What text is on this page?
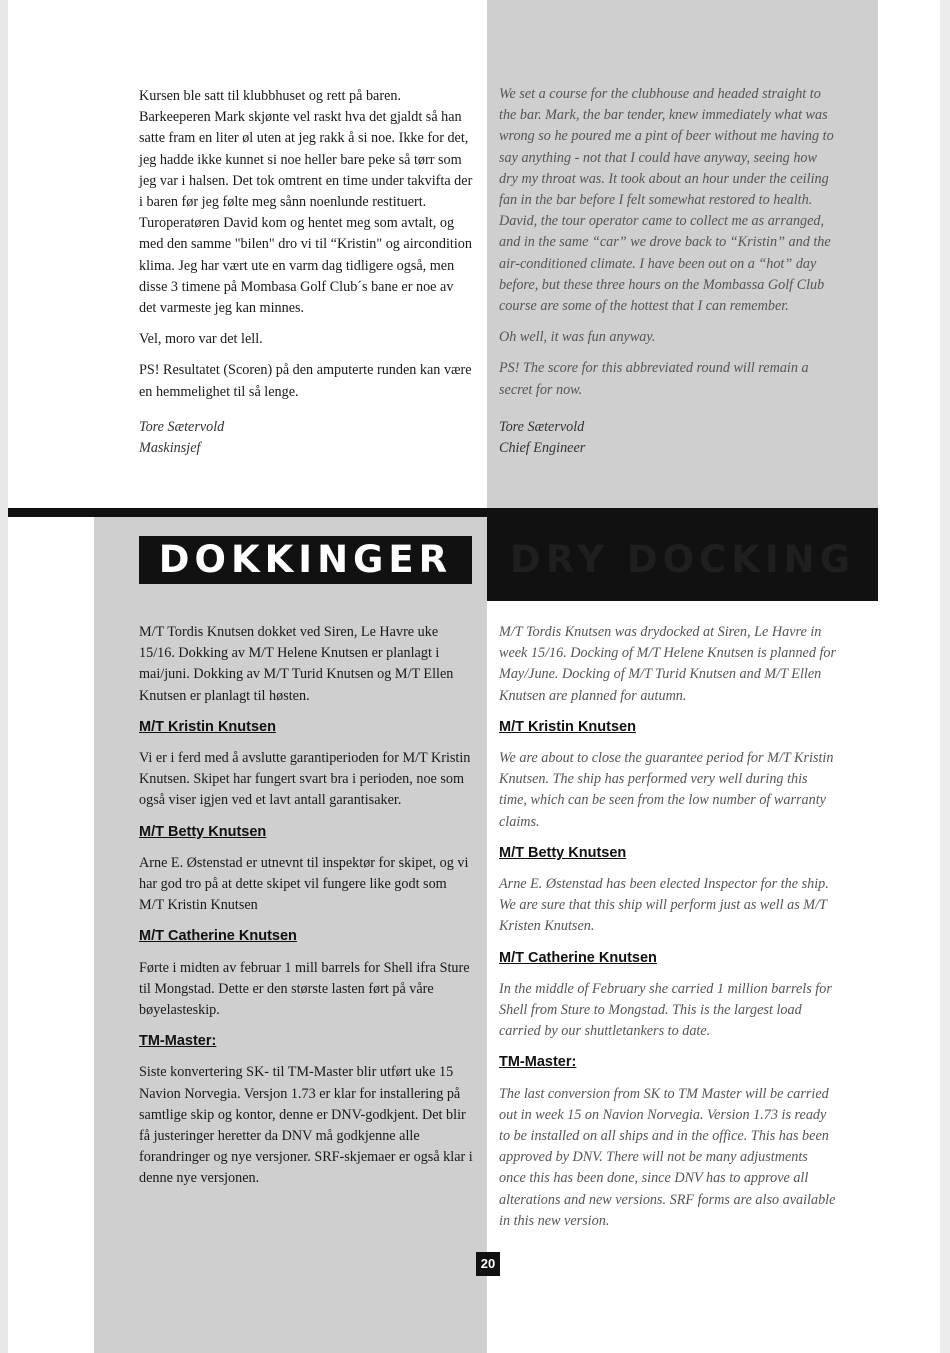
Kursen ble satt til klubbhuset og rett på baren. Barkeeperen Mark skjønte vel raskt hva det gjaldt så han satte fram en liter øl uten at jeg rakk å si noe. Ikke for det, jeg hadde ikke kunnet si noe heller bare peke så tørr som jeg var i halsen. Det tok omtrent en time under takvifta der i baren før jeg følte meg sånn noenlunde restituert. Turoperatøren David kom og hentet meg som avtalt, og med den samme "bilen" dro vi til “Kristin" og aircondition klima. Jeg har vært ute en varm dag tidligere også, men disse 3 timene på Mombasa Golf Club´s bane er noe av det varmeste jeg kan minnes.

Vel, moro var det lell.

PS! Resultatet (Scoren) på den amputerte runden kan være en hemmelighet til så lenge.

Tore Sætervold
Maskinsjef

We set a course for the clubhouse and headed straight to the bar. Mark, the bar tender, knew immediately what was wrong so he poured me a pint of beer without me having to say anything - not that I could have anyway, seeing how dry my throat was. It took about an hour under the ceiling fan in the bar before I felt somewhat restored to health. David, the tour operator came to collect me as arranged, and in the same “car” we drove back to “Kristin” and the air-conditioned climate. I have been out on a “hot” day before, but these three hours on the Mombassa Golf Club course are some of the hottest that I can remember.

Oh well, it was fun anyway.

PS! The score for this abbreviated round will remain a secret for now.

Tore Sætervold
Chief Engineer
DOKKINGER	DRY DOCKING

M/T Tordis Knutsen dokket ved Siren, Le Havre uke 15/16. Dokking av M/T Helene Knutsen er planlagt i mai/juni. Dokking av M/T Turid Knutsen og M/T Ellen Knutsen er planlagt til høsten.

M/T Kristin Knutsen

Vi er i ferd med å avslutte garantiperioden for M/T Kristin Knutsen. Skipet har fungert svart bra i perioden, noe som også viser igjen ved et lavt antall garantisaker.

M/T Betty Knutsen

Arne E. Østenstad er utnevnt til inspektør for skipet, og vi har god tro på at dette skipet vil fungere like godt som M/T Kristin Knutsen

M/T Catherine Knutsen

Førte i midten av februar 1 mill barrels for Shell ifra Sture til Mongstad. Dette er den største lasten ført på våre bøyelasteskip.

TM-Master:

Siste konvertering SK- til TM-Master blir utført uke 15 Navion Norvegia. Versjon 1.73 er klar for installering på samtlige skip og kontor, denne er DNV-godkjent. Det blir få justeringer heretter da DNV må godkjenne alle forandringer og nye versjoner. SRF-skjemaer er også klar i denne nye versjonen.

M/T Tordis Knutsen was drydocked at Siren, Le Havre in week 15/16. Docking of M/T Helene Knutsen is planned for May/June. Docking of M/T Turid Knutsen and M/T Ellen Knutsen are planned for autumn.

M/T Kristin Knutsen

We are about to close the guarantee period for M/T Kristin Knutsen. The ship has performed very well during this time, which can be seen from the low number of warranty claims.

M/T Betty Knutsen

Arne E. Østenstad has been elected Inspector for the ship. We are sure that this ship will perform just as well as M/T Kristen Knutsen.

M/T Catherine Knutsen

In the middle of February she carried 1 million barrels for Shell from Sture to Mongstad. This is the largest load carried by our shuttletankers to date.

TM-Master:

The last conversion from SK to TM Master will be carried out in week 15 on Navion Norvegia. Version 1.73 is ready to be installed on all ships and in the office. This has been approved by DNV. There will not be many adjustments once this has been done, since DNV has to approve all alterations and new versions. SRF forms are also available in this new version.

20
